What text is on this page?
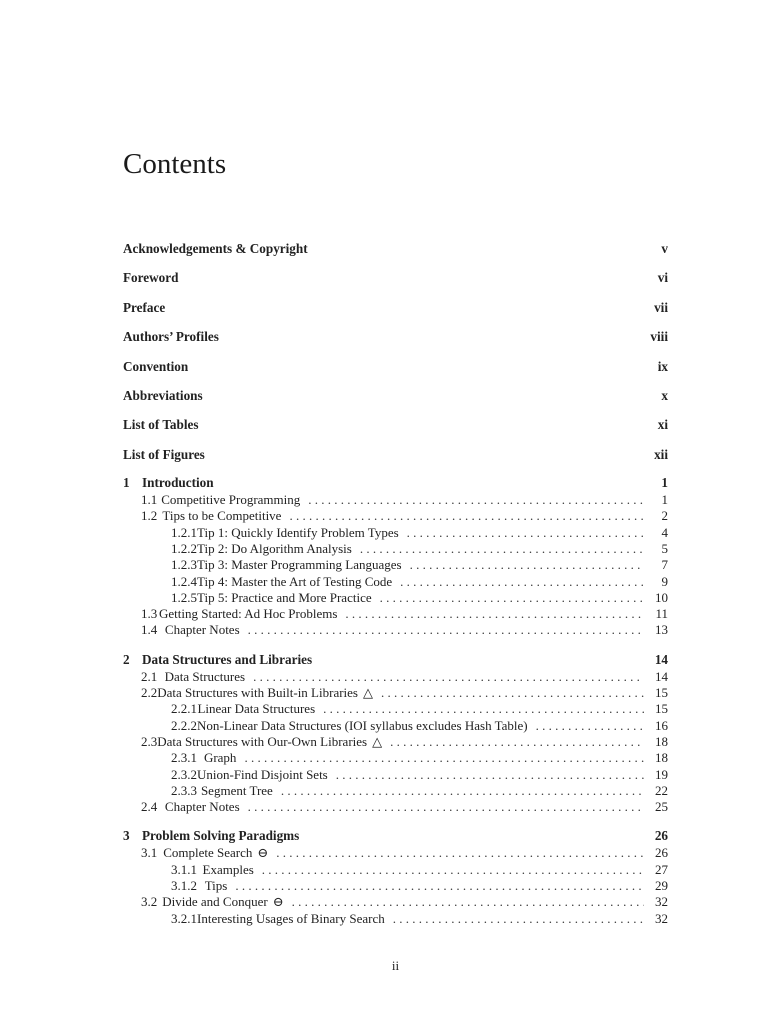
Contents
Acknowledgements & Copyright	v
Foreword	vi
Preface	vii
Authors’ Profiles	viii
Convention	ix
Abbreviations	x
List of Tables	xi
List of Figures	xii
1 Introduction	1
1.1 Competitive Programming . . .	1
1.2 Tips to be Competitive . . .	2
1.2.1 Tip 1: Quickly Identify Problem Types . . .	4
1.2.2 Tip 2: Do Algorithm Analysis . . .	5
1.2.3 Tip 3: Master Programming Languages . . .	7
1.2.4 Tip 4: Master the Art of Testing Code . . .	9
1.2.5 Tip 5: Practice and More Practice . . .	10
1.3 Getting Started: Ad Hoc Problems . . .	11
1.4 Chapter Notes . . .	13
2 Data Structures and Libraries	14
2.1 Data Structures . . .	14
2.2 Data Structures with Built-in Libraries △ . . .	15
2.2.1 Linear Data Structures . . .	15
2.2.2 Non-Linear Data Structures (IOI syllabus excludes Hash Table) . . .	16
2.3 Data Structures with Our-Own Libraries △ . . .	18
2.3.1 Graph . . .	18
2.3.2 Union-Find Disjoint Sets . . .	19
2.3.3 Segment Tree . . .	22
2.4 Chapter Notes . . .	25
3 Problem Solving Paradigms	26
3.1 Complete Search ⊖ . . .	26
3.1.1 Examples . . .	27
3.1.2 Tips . . .	29
3.2 Divide and Conquer ⊖ . . .	32
3.2.1 Interesting Usages of Binary Search . . .	32
ii
